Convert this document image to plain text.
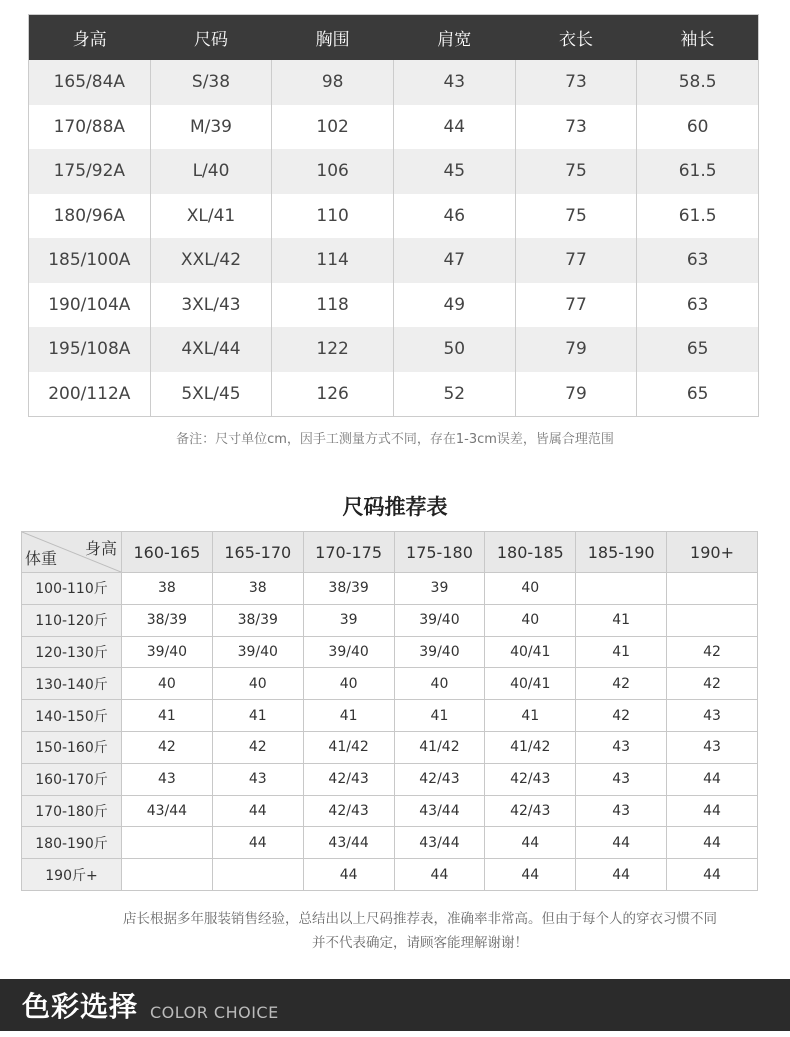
身高	尺码	胸围	肩宽	衣长	袖长
165/84A	S/38	98	43	73	58.5
170/88A	M/39	102	44	73	60
175/92A	L/40	106	45	75	61.5
180/96A	XL/41	110	46	75	61.5
185/100A	XXL/42	114	47	77	63
190/104A	3XL/43	118	49	77	63
195/108A	4XL/44	122	50	79	65
200/112A	5XL/45	126	52	79	65
备注：尺寸单位cm，因手工测量方式不同，存在1-3cm误差，皆属合理范围
尺码推荐表
身高
体重	160-165	165-170	170-175	175-180	180-185	185-190	190+
100-110斤	38	38	38/39	39	40		
110-120斤	38/39	38/39	39	39/40	40	41	
120-130斤	39/40	39/40	39/40	39/40	40/41	41	42
130-140斤	40	40	40	40	40/41	42	42
140-150斤	41	41	41	41	41	42	43
150-160斤	42	42	41/42	41/42	41/42	43	43
160-170斤	43	43	42/43	42/43	42/43	43	44
170-180斤	43/44	44	42/43	43/44	42/43	43	44
180-190斤		44	43/44	43/44	44	44	44
190斤+			44	44	44	44	44
店长根据多年服装销售经验，总结出以上尺码推荐表，准确率非常高。但由于每个人的穿衣习惯不同
并不代表确定，请顾客能理解谢谢！
色彩选择 COLOR CHOICE
